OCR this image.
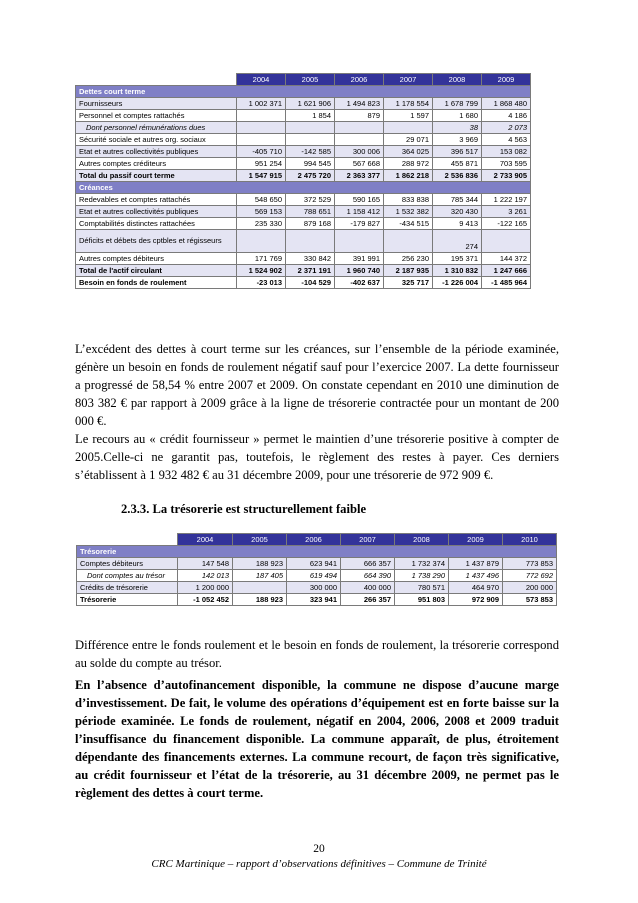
	2004	2005	2006	2007	2008	2009
Dettes court terme						
Fournisseurs	1 002 371	1 621 906	1 494 823	1 178 554	1 678 799	1 868 480
Personnel et comptes rattachés		1 854	879	1 597	1 680	4 186
Dont personnel rémunérations dues					38	2 073
Sécurité sociale et autres org. sociaux				29 071	3 969	4 563
Etat et autres collectivités publiques	-405 710	-142 585	300 006	364 025	396 517	153 082
Autres comptes créditeurs	951 254	994 545	567 668	288 972	455 871	703 595
Total du passif court terme	1 547 915	2 475 720	2 363 377	1 862 218	2 536 836	2 733 905
Créances						
Redevables et comptes rattachés	548 650	372 529	590 165	833 838	785 344	1 222 197
Etat et autres collectivités publiques	569 153	788 651	1 158 412	1 532 382	320 430	3 261
Comptabilités distinctes rattachées	235 330	879 168	-179 827	-434 515	9 413	-122 165
Déficits et débets des cptbles et régisseurs					274	
Autres comptes débiteurs	171 769	330 842	391 991	256 230	195 371	144 372
Total de l'actif circulant	1 524 902	2 371 191	1 960 740	2 187 935	1 310 832	1 247 666
Besoin en fonds de roulement	-23 013	-104 529	-402 637	325 717	-1 226 004	-1 485 964

L’excédent des dettes à court terme sur les créances, sur l’ensemble de la période examinée, génère un besoin en fonds de roulement négatif sauf pour l’exercice 2007. La dette fournisseur a progressé de 58,54 % entre 2007 et 2009. On constate cependant en 2010 une diminution de 803 382 € par rapport à 2009 grâce à la ligne de trésorerie contractée pour un montant de 200 000 €.

Le recours au « crédit fournisseur » permet le maintien d’une trésorerie positive à compter de 2005.Celle-ci ne garantit pas, toutefois, le règlement des restes à payer. Ces derniers s’établissent à 1 932 482 € au 31 décembre 2009, pour une trésorerie de 972 909 €.

2.3.3. La trésorerie est structurellement faible

	2004	2005	2006	2007	2008	2009	2010
Trésorerie							
Comptes débiteurs	147 548	188 923	623 941	666 357	1 732 374	1 437 879	773 853
Dont comptes au trésor	142 013	187 405	619 494	664 390	1 738 290	1 437 496	772 692
Crédits de trésorerie	1 200 000		300 000	400 000	780 571	464 970	200 000
Trésorerie	-1 052 452	188 923	323 941	266 357	951 803	972 909	573 853

Différence entre le fonds roulement et le besoin en fonds de roulement, la trésorerie correspond au solde du compte au trésor.

En l’absence d’autofinancement disponible, la commune ne dispose d’aucune marge d’investissement. De fait, le volume des opérations d’équipement est en forte baisse sur la période examinée. Le fonds de roulement, négatif en 2004, 2006, 2008 et 2009 traduit l’insuffisance du financement disponible. La commune apparaît, de plus, étroitement dépendante des financements externes. La commune recourt, de façon très significative, au crédit fournisseur et l’état de la trésorerie, au 31 décembre 2009, ne permet pas le règlement des dettes à court terme.

20
CRC Martinique – rapport d’observations définitives – Commune de Trinité
